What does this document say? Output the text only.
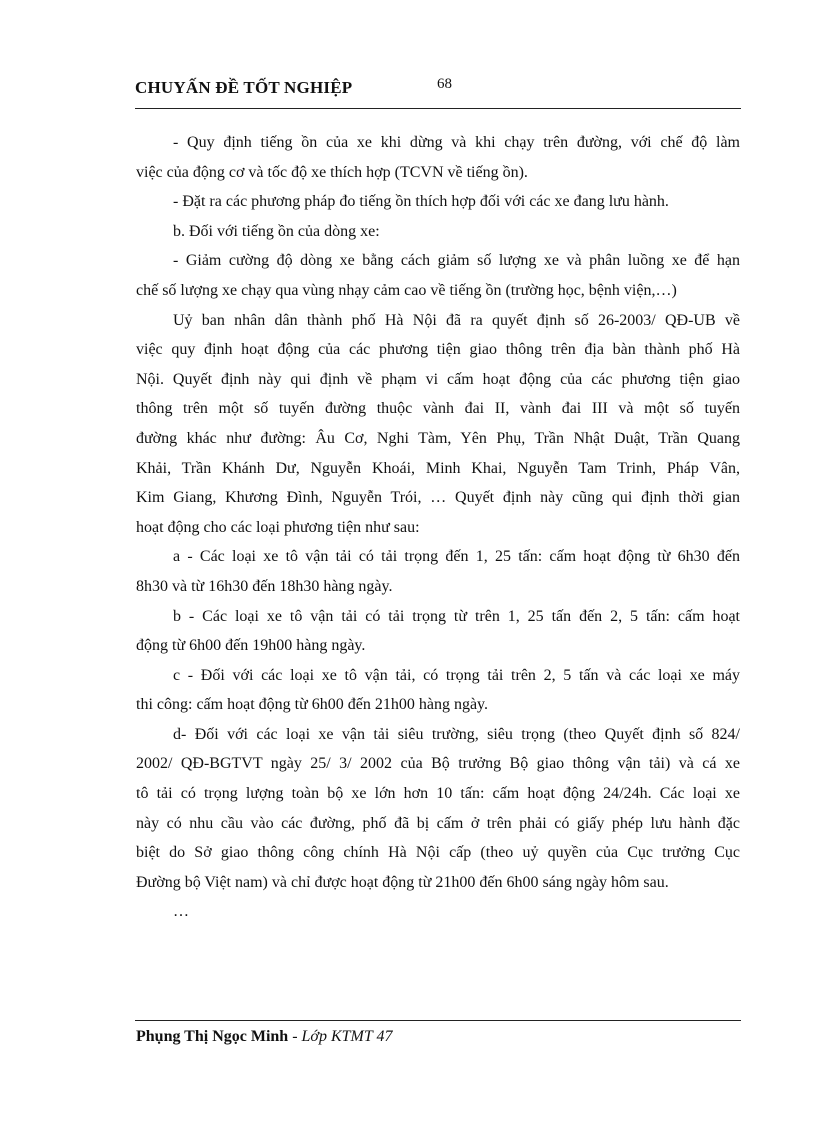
CHUYẤN ĐỀ TỐT NGHIỆP	68
- Quy định tiếng ồn của xe khi dừng và khi chạy trên đường, với chế độ làm
việc của động cơ và tốc độ xe thích hợp (TCVN về tiếng ồn).
- Đặt ra các phương pháp đo tiếng ồn thích hợp đối với các xe đang lưu hành.
b. Đối với tiếng ồn của dòng xe:
- Giảm cường độ dòng xe bằng cách giảm số lượng xe và phân luồng xe để hạn
chế số lượng xe chạy qua vùng nhạy cảm cao về tiếng ồn (trường học, bệnh viện,…)
Uỷ ban nhân dân thành phố Hà Nội đã ra quyết định số 26-2003/ QĐ-UB về
việc quy định hoạt động của các phương tiện giao thông trên địa bàn thành phố Hà
Nội. Quyết định này qui định về phạm vi cấm hoạt động của các phương tiện giao
thông trên một số tuyến đường thuộc vành đai II, vành đai III và một số tuyến
đường khác như đường: Âu Cơ, Nghi Tàm, Yên Phụ, Trần Nhật Duật, Trần Quang
Khải, Trần Khánh Dư, Nguyễn Khoái, Minh Khai, Nguyễn Tam Trinh, Pháp Vân,
Kim Giang, Khương Đình, Nguyễn Trói, … Quyết định này cũng qui định thời gian
hoạt động cho các loại phương tiện như sau:
a - Các loại xe tô vận tải có tải trọng đến 1, 25 tấn: cấm hoạt động từ 6h30 đến
8h30 và từ 16h30 đến 18h30 hàng ngày.
b - Các loại xe tô vận tải có tải trọng từ trên 1, 25 tấn đến 2, 5 tấn: cấm hoạt
động từ 6h00 đến 19h00 hàng ngày.
c - Đối với các loại xe tô vận tải, có trọng tải trên 2, 5 tấn và các loại xe máy
thi công: cấm hoạt động từ 6h00 đến 21h00 hàng ngày.
d- Đối với các loại xe vận tải siêu trường, siêu trọng (theo Quyết định số 824/
2002/ QĐ-BGTVT ngày 25/ 3/ 2002 của Bộ trưởng Bộ giao thông vận tải) và cá xe
tô tải có trọng lượng toàn bộ xe lớn hơn 10 tấn: cấm hoạt động 24/24h. Các loại xe
này có nhu cầu vào các đường, phố đã bị cấm ở trên phải có giấy phép lưu hành đặc
biệt do Sở giao thông công chính Hà Nội cấp (theo uỷ quyền của Cục trưởng Cục
Đường bộ Việt nam) và chỉ được hoạt động từ 21h00 đến 6h00 sáng ngày hôm sau.
…
Phụng Thị Ngọc Minh - Lớp KTMT 47
